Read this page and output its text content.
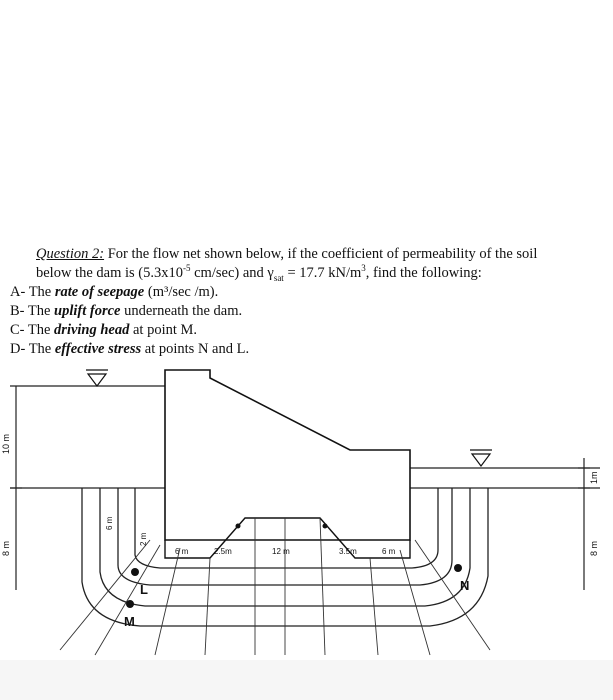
Question 2: For the flow net shown below, if the coefficient of permeability of the soil
below the dam is ($5.3x10^{-5}$ cm/sec) and $\gamma_{sat} = 17.7$ $kN/m^3$, find the following:
A- The rate of seepage (m³/sec /m).
B- The uplift force underneath the dam.
C- The driving head at point M.
D- The effective stress at points N and L.
10 m
8 m
1m
8 m
6 m
2 m
6 m	2.5m	12 m	3.5m	6 m
L
M
N
